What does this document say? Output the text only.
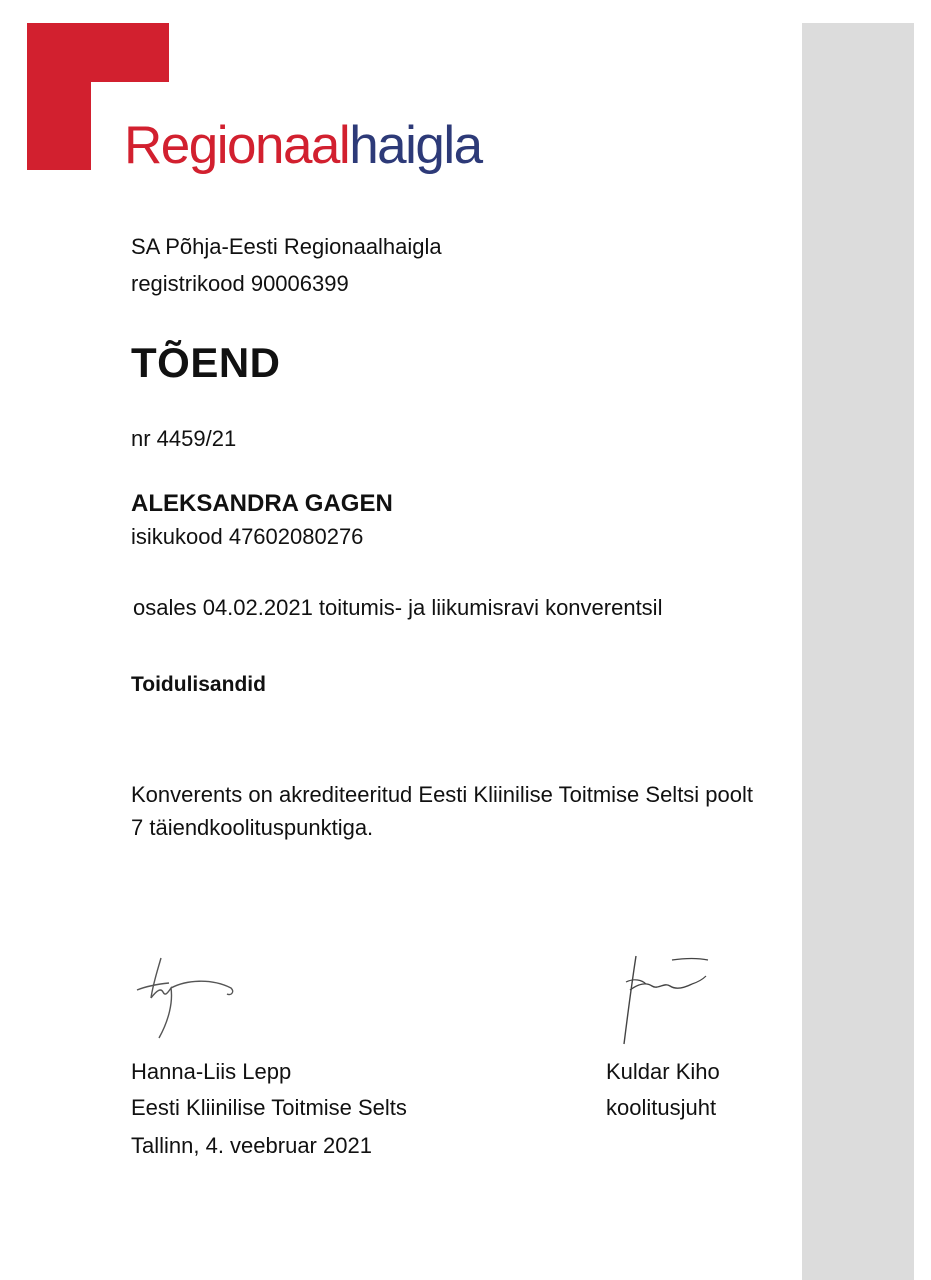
Regionaalhaigla
SA Põhja-Eesti Regionaalhaigla
registrikood 90006399
TÕEND
nr 4459/21
ALEKSANDRA GAGEN
isikukood 47602080276
osales 04.02.2021 toitumis- ja liikumisravi konverentsil
Toidulisandid
Konverents on akrediteeritud Eesti Kliinilise Toitmise Seltsi poolt 7 täiendkoolituspunktiga.
Hanna-Liis Lepp
Eesti Kliinilise Toitmise Selts
Tallinn, 4. veebruar 2021
Kuldar Kiho
koolitusjuht
